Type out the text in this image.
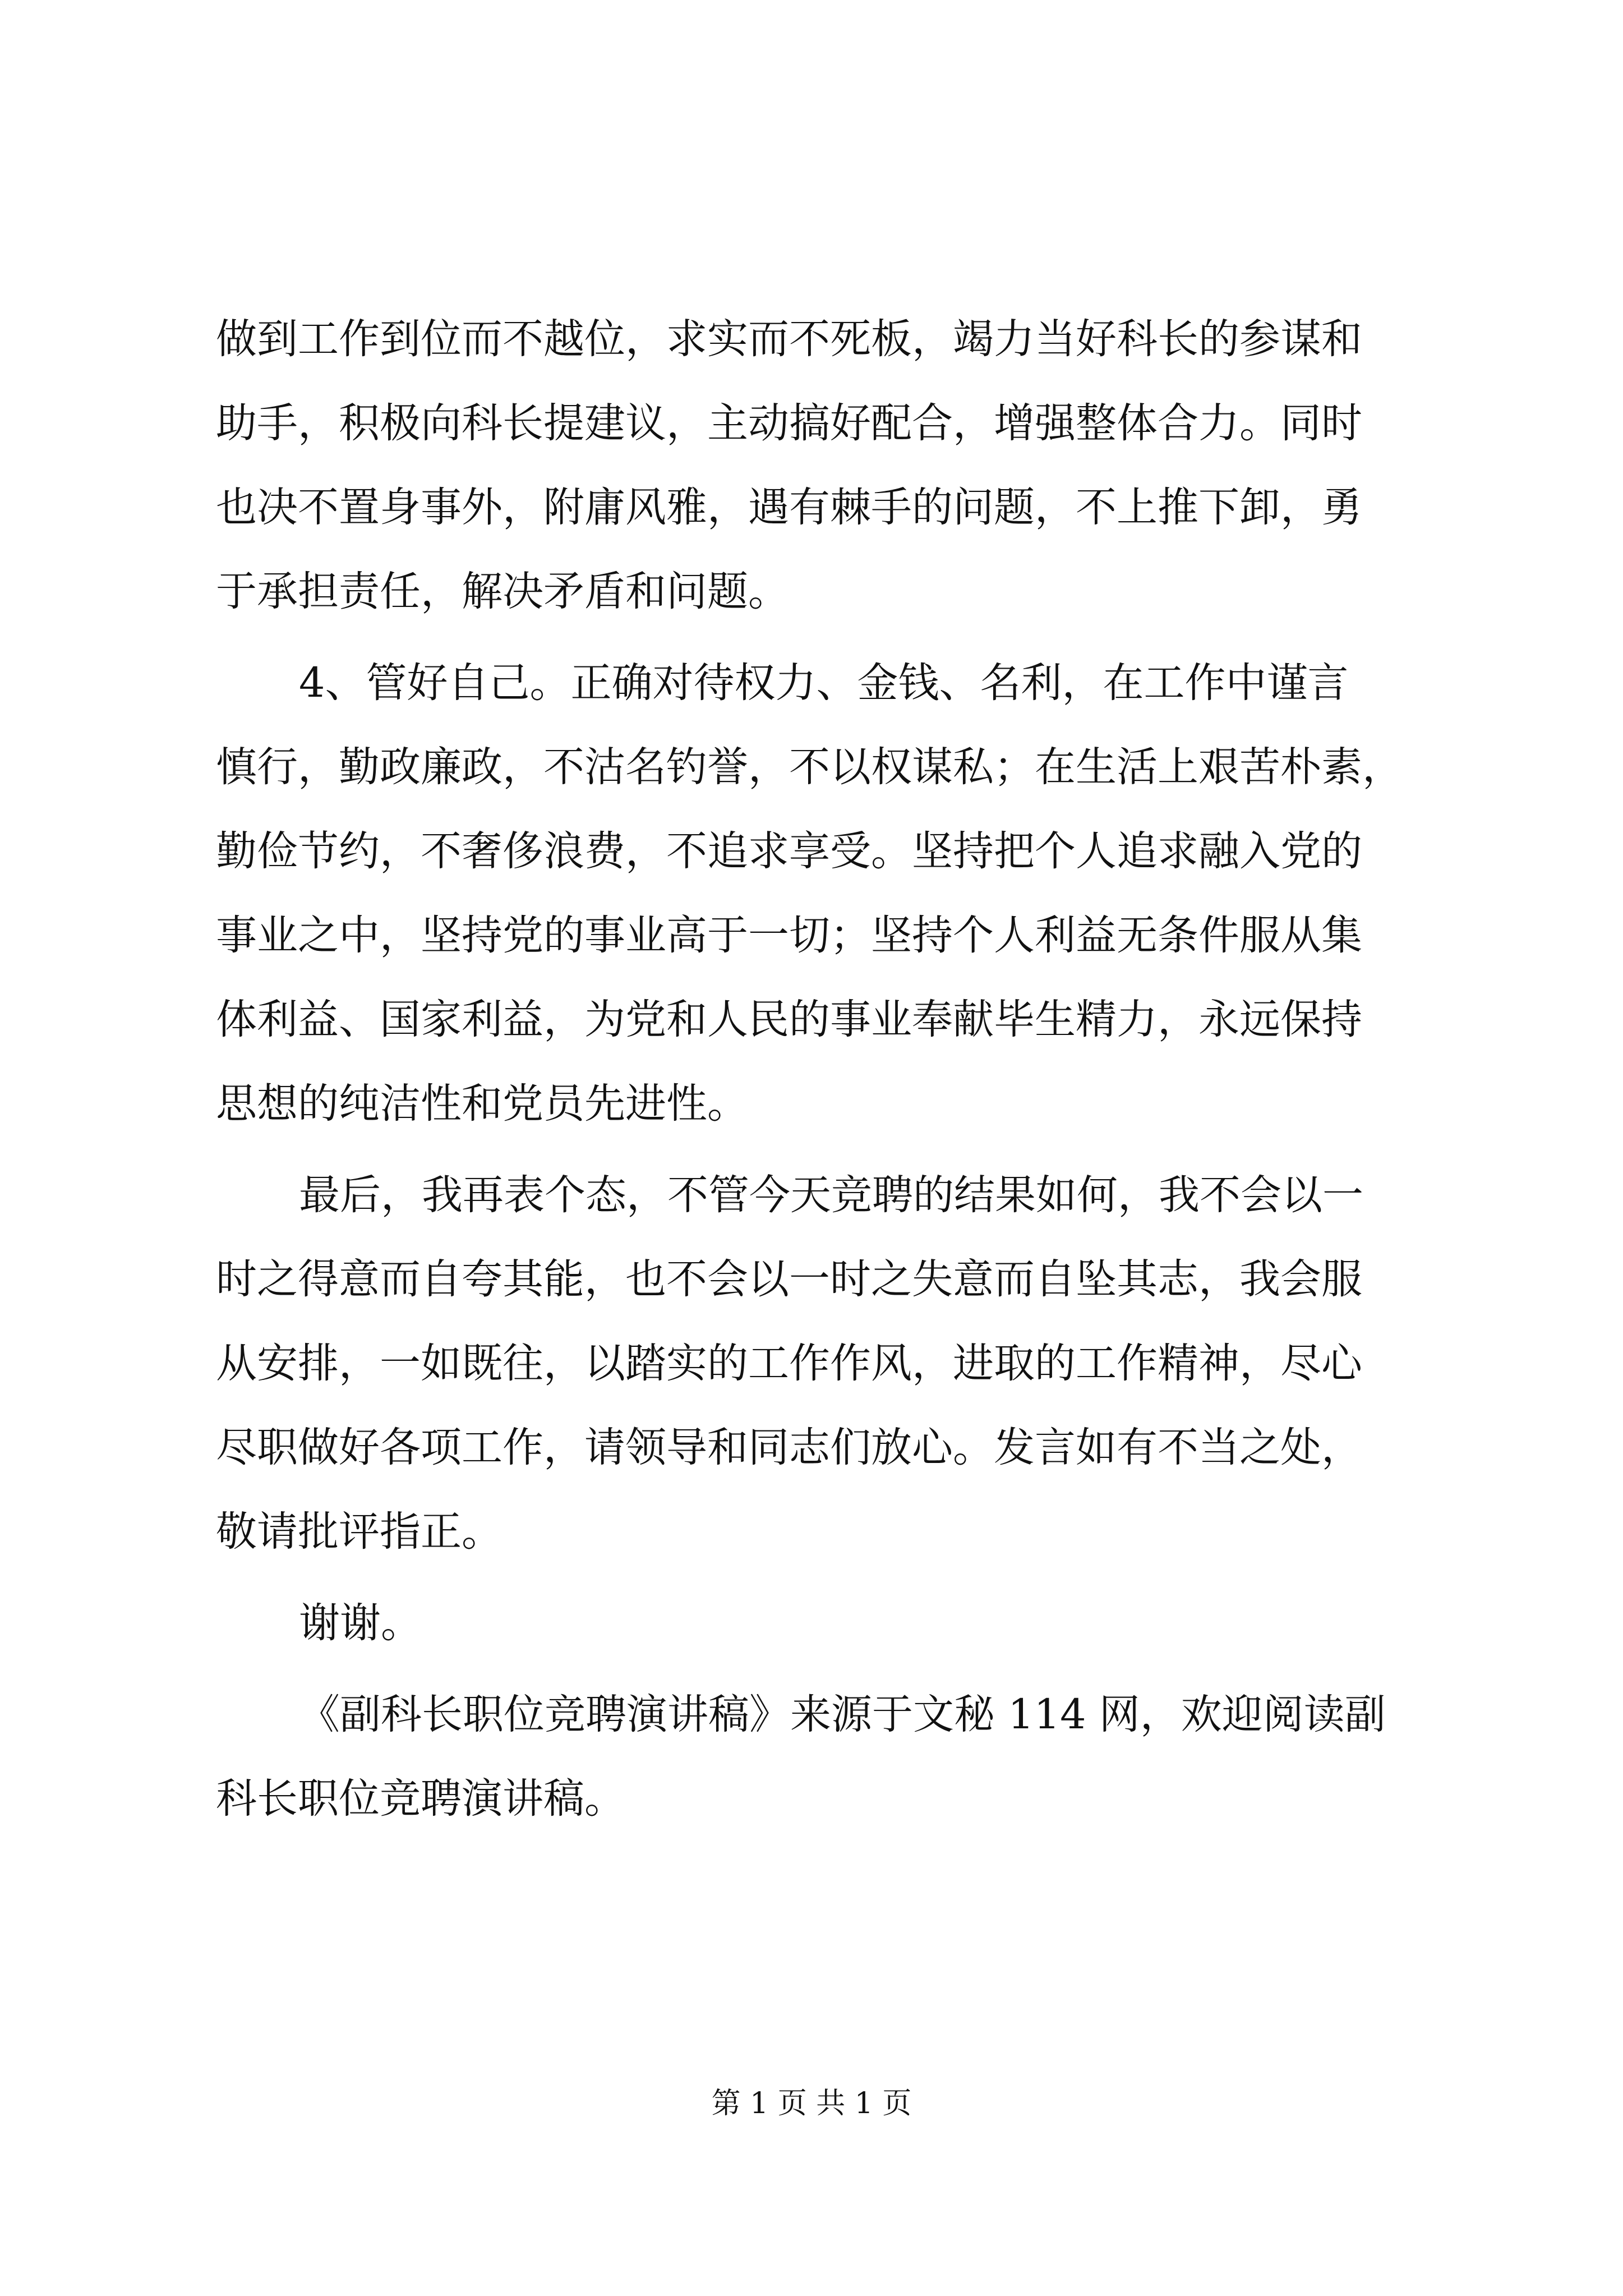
做到工作到位而不越位，求实而不死板，竭力当好科长的参谋和
助手，积极向科长提建议，主动搞好配合，增强整体合力。同时
也决不置身事外，附庸风雅，遇有棘手的问题，不上推下卸，勇
于承担责任，解决矛盾和问题。
4、管好自己。正确对待权力、金钱、名利，在工作中谨言
慎行，勤政廉政，不沽名钓誉，不以权谋私；在生活上艰苦朴素，
勤俭节约，不奢侈浪费，不追求享受。坚持把个人追求融入党的
事业之中，坚持党的事业高于一切；坚持个人利益无条件服从集
体利益、国家利益，为党和人民的事业奉献毕生精力，永远保持
思想的纯洁性和党员先进性。
最后，我再表个态，不管今天竞聘的结果如何，我不会以一
时之得意而自夸其能，也不会以一时之失意而自坠其志，我会服
从安排，一如既往，以踏实的工作作风，进取的工作精神，尽心
尽职做好各项工作，请领导和同志们放心。发言如有不当之处，
敬请批评指正。
谢谢。
《副科长职位竞聘演讲稿》来源于文秘 114 网，欢迎阅读副
科长职位竞聘演讲稿。
第 1 页 共 1 页
